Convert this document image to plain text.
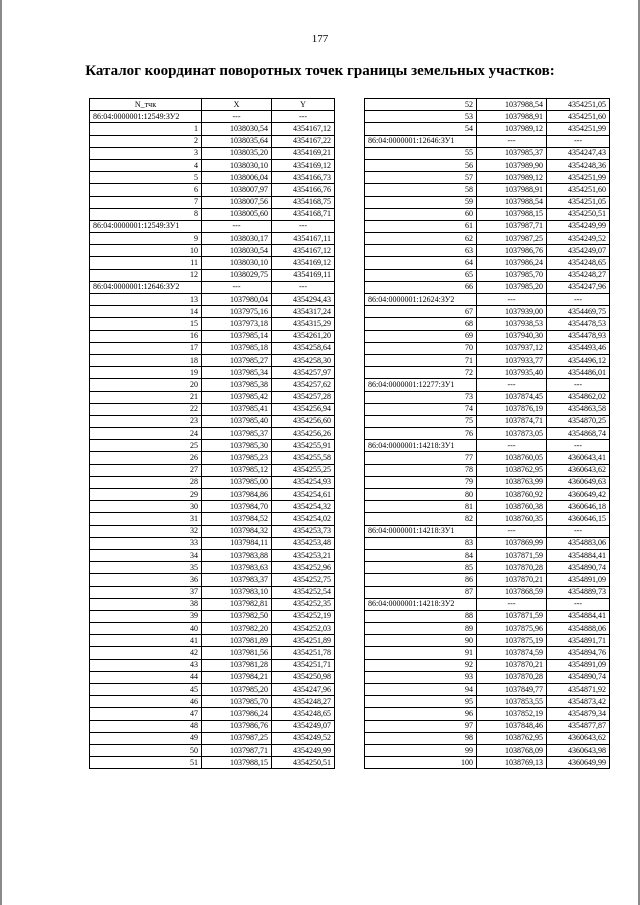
177
Каталог координат поворотных точек границы земельных участков:
N_тчк	X	Y
86:04:0000001:12549:ЗУ2	---	---
1	1038030,54	4354167,12
2	1038035,64	4354167,22
3	1038035,20	4354169,21
4	1038030,10	4354169,12
5	1038006,04	4354166,73
6	1038007,97	4354166,76
7	1038007,56	4354168,75
8	1038005,60	4354168,71
86:04:0000001:12549:ЗУ1	---	---
9	1038030,17	4354167,11
10	1038030,54	4354167,12
11	1038030,10	4354169,12
12	1038029,75	4354169,11
86:04:0000001:12646:ЗУ2	---	---
13	1037980,04	4354294,43
14	1037975,16	4354317,24
15	1037973,18	4354315,29
16	1037985,14	4354261,20
17	1037985,18	4354258,64
18	1037985,27	4354258,30
19	1037985,34	4354257,97
20	1037985,38	4354257,62
21	1037985,42	4354257,28
22	1037985,41	4354256,94
23	1037985,40	4354256,60
24	1037985,37	4354256,26
25	1037985,30	4354255,91
26	1037985,23	4354255,58
27	1037985,12	4354255,25
28	1037985,00	4354254,93
29	1037984,86	4354254,61
30	1037984,70	4354254,32
31	1037984,52	4354254,02
32	1037984,32	4354253,73
33	1037984,11	4354253,48
34	1037983,88	4354253,21
35	1037983,63	4354252,96
36	1037983,37	4354252,75
37	1037983,10	4354252,54
38	1037982,81	4354252,35
39	1037982,50	4354252,19
40	1037982,20	4354252,03
41	1037981,89	4354251,89
42	1037981,56	4354251,78
43	1037981,28	4354251,71
44	1037984,21	4354250,98
45	1037985,20	4354247,96
46	1037985,70	4354248,27
47	1037986,24	4354248,65
48	1037986,76	4354249,07
49	1037987,25	4354249,52
50	1037987,71	4354249,99
51	1037988,15	4354250,51
52	1037988,54	4354251,05
53	1037988,91	4354251,60
54	1037989,12	4354251,99
86:04:0000001:12646:ЗУ1	---	---
55	1037985,37	4354247,43
56	1037989,90	4354248,36
57	1037989,12	4354251,99
58	1037988,91	4354251,60
59	1037988,54	4354251,05
60	1037988,15	4354250,51
61	1037987,71	4354249,99
62	1037987,25	4354249,52
63	1037986,76	4354249,07
64	1037986,24	4354248,65
65	1037985,70	4354248,27
66	1037985,20	4354247,96
86:04:0000001:12624:ЗУ2	---	---
67	1037939,00	4354469,75
68	1037938,53	4354478,53
69	1037940,30	4354478,93
70	1037937,12	4354493,46
71	1037933,77	4354496,12
72	1037935,40	4354486,01
86:04:0000001:12277:ЗУ1	---	---
73	1037874,45	4354862,02
74	1037876,19	4354863,58
75	1037874,71	4354870,25
76	1037873,05	4354868,74
86:04:0000001:14218:ЗУ1	---	---
77	1038760,05	4360643,41
78	1038762,95	4360643,62
79	1038763,99	4360649,63
80	1038760,92	4360649,42
81	1038760,38	4360646,18
82	1038760,35	4360646,15
86:04:0000001:14218:ЗУ1	---	---
83	1037869,99	4354883,06
84	1037871,59	4354884,41
85	1037870,28	4354890,74
86	1037870,21	4354891,09
87	1037868,59	4354889,73
86:04:0000001:14218:ЗУ2	---	---
88	1037871,59	4354884,41
89	1037875,96	4354888,06
90	1037875,19	4354891,71
91	1037874,59	4354894,76
92	1037870,21	4354891,09
93	1037870,28	4354890,74
94	1037849,77	4354871,92
95	1037853,55	4354873,42
96	1037852,19	4354879,34
97	1037848,46	4354877,87
98	1038762,95	4360643,62
99	1038768,09	4360643,98
100	1038769,13	4360649,99
